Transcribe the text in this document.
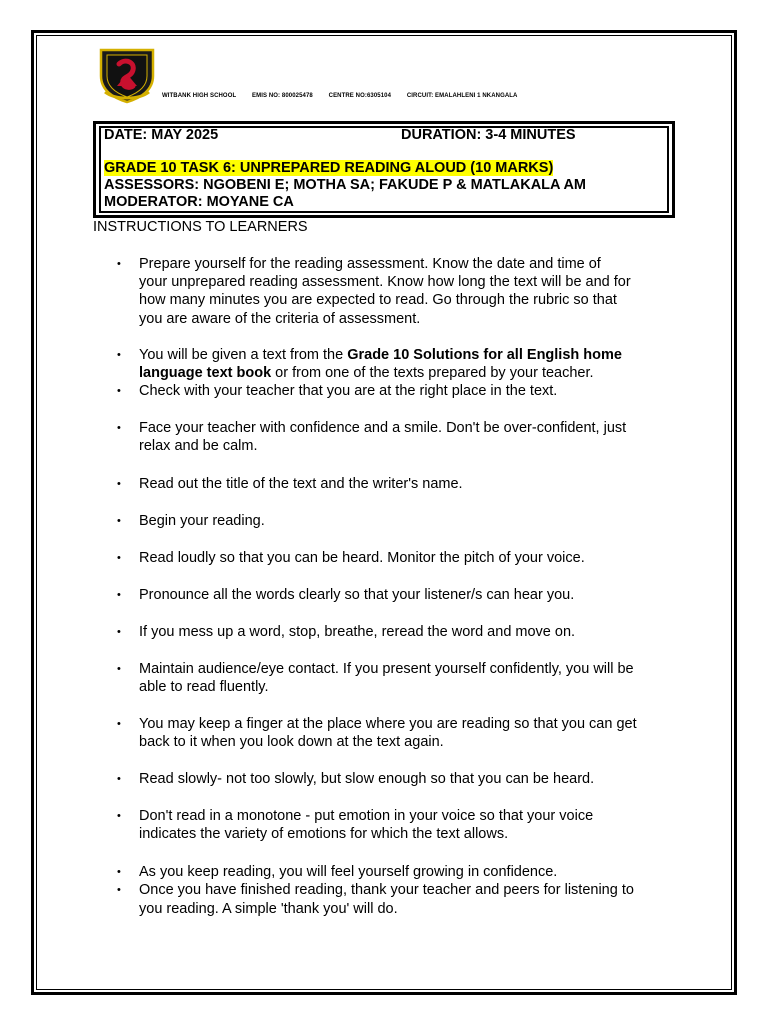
WITBANK HIGH SCHOOL	EMIS NO: 800025478	CENTRE NO:6305104	CIRCUIT: EMALAHLENI 1 NKANGALA
DATE: MAY 2025	DURATION: 3-4 MINUTES
GRADE 10 TASK 6: UNPREPARED READING ALOUD (10 MARKS)
ASSESSORS: NGOBENI E; MOTHA SA; FAKUDE P & MATLAKALA AM
MODERATOR: MOYANE CA
INSTRUCTIONS TO LEARNERS
• Prepare yourself for the reading assessment. Know the date and time of
your unprepared reading assessment. Know how long the text will be and for
how many minutes you are expected to read. Go through the rubric so that
you are aware of the criteria of assessment.
• You will be given a text from the Grade 10 Solutions for all English home
language text book or from one of the texts prepared by your teacher.
• Check with your teacher that you are at the right place in the text.
• Face your teacher with confidence and a smile. Don't be over-confident, just
relax and be calm.
• Read out the title of the text and the writer's name.
• Begin your reading.
• Read loudly so that you can be heard. Monitor the pitch of your voice.
• Pronounce all the words clearly so that your listener/s can hear you.
• If you mess up a word, stop, breathe, reread the word and move on.
• Maintain audience/eye contact. If you present yourself confidently, you will be
able to read fluently.
• You may keep a finger at the place where you are reading so that you can get
back to it when you look down at the text again.
• Read slowly- not too slowly, but slow enough so that you can be heard.
• Don't read in a monotone - put emotion in your voice so that your voice
indicates the variety of emotions for which the text allows.
• As you keep reading, you will feel yourself growing in confidence.
• Once you have finished reading, thank your teacher and peers for listening to
you reading. A simple 'thank you' will do.
